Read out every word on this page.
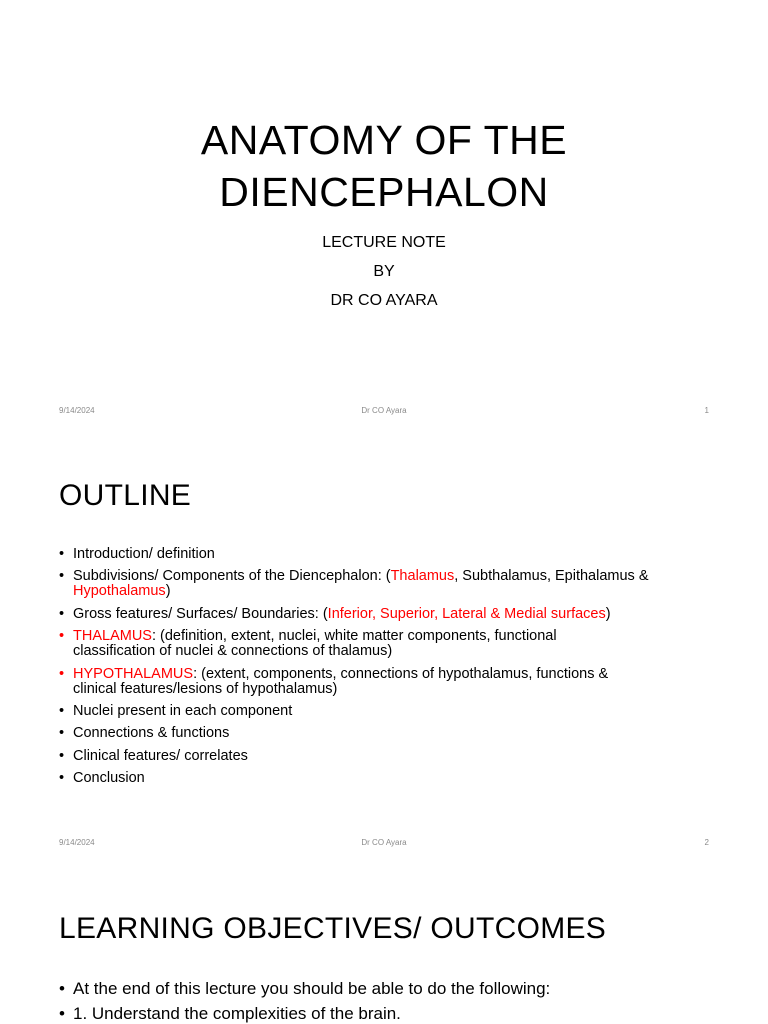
ANATOMY OF THE
DIENCEPHALON
LECTURE NOTE
BY
DR CO AYARA
9/14/2024	Dr CO Ayara	1
OUTLINE
• Introduction/ definition
• Subdivisions/ Components of the Diencephalon: (Thalamus, Subthalamus, Epithalamus &
Hypothalamus)
• Gross features/ Surfaces/ Boundaries: (Inferior, Superior, Lateral & Medial surfaces)
• THALAMUS: (definition, extent, nuclei, white matter components, functional
classification of nuclei & connections of thalamus)
• HYPOTHALAMUS: (extent, components, connections of hypothalamus, functions &
clinical features/lesions of hypothalamus)
• Nuclei present in each component
• Connections & functions
• Clinical features/ correlates
• Conclusion
9/14/2024	Dr CO Ayara	2
LEARNING OBJECTIVES/ OUTCOMES
• At the end of this lecture you should be able to do the following:
• 1. Understand the complexities of the brain.
